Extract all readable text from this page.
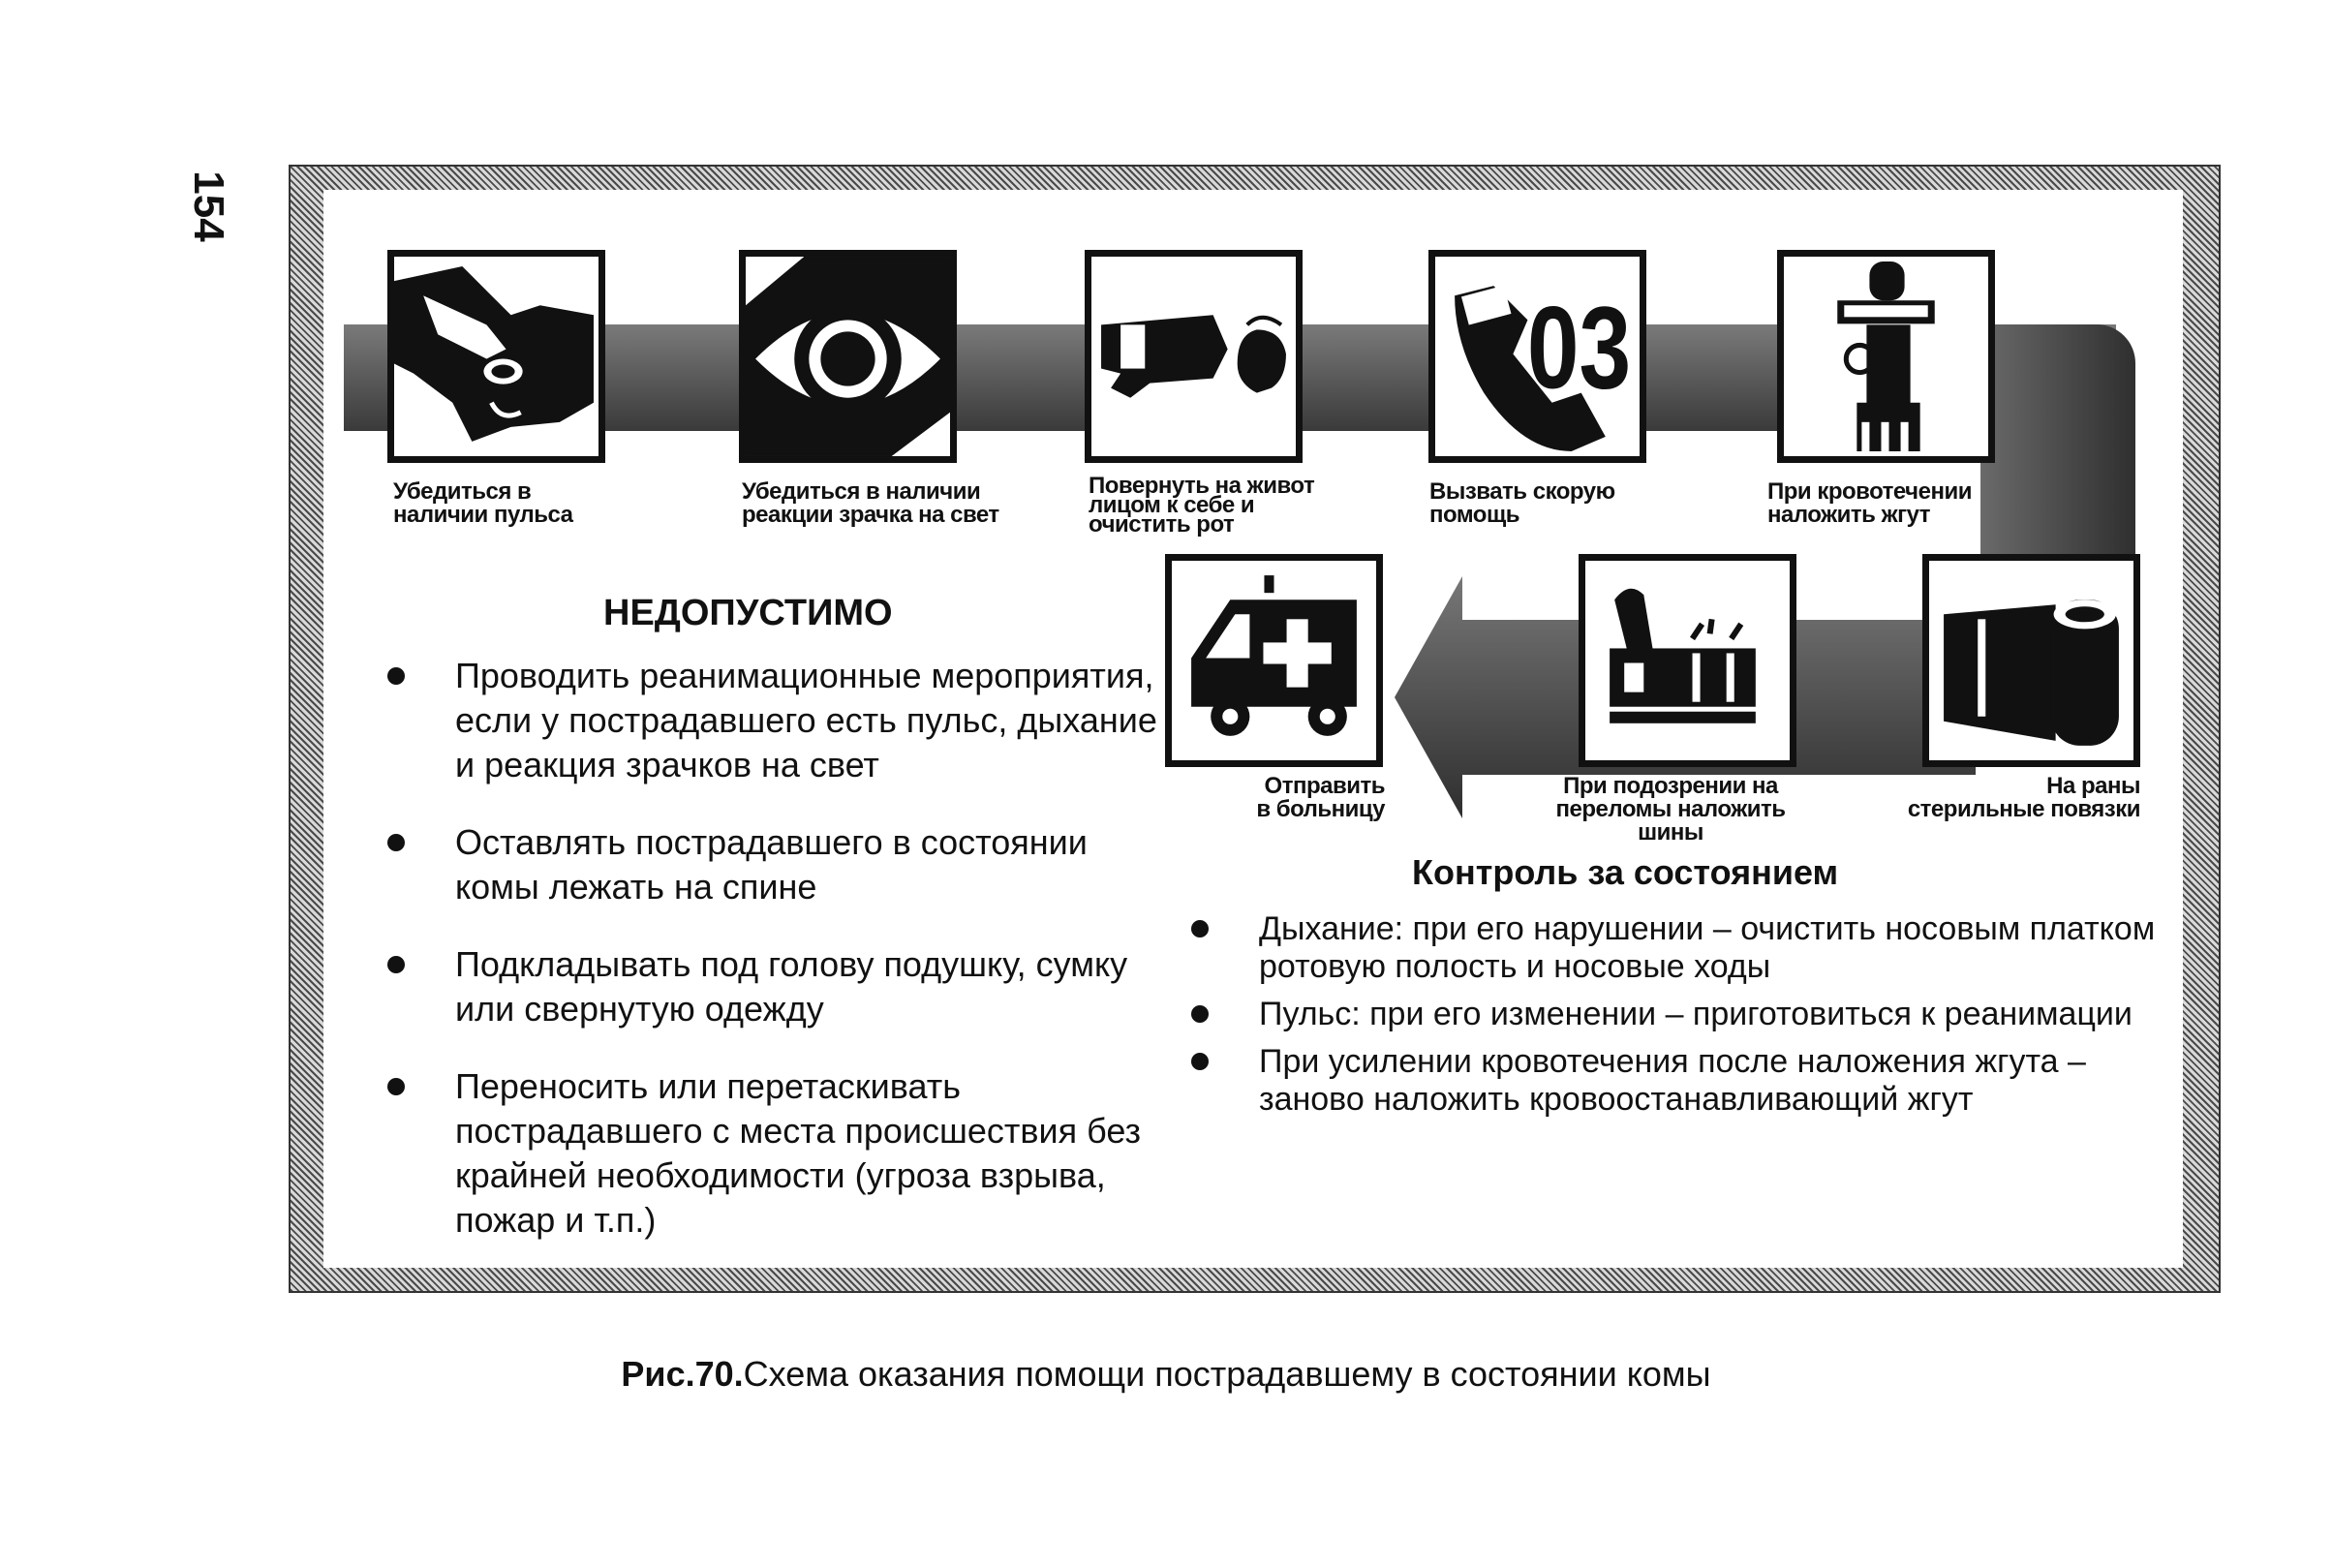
154
03
Убедиться в
наличии пульса
Убедиться в наличии
реакции зрачка на свет
Повернуть на живот
лицом к себе и
очистить рот
Вызвать скорую
помощь
При кровотечении
наложить жгут
Отправить
в больницу
При подозрении на
переломы наложить
шины
На раны
стерильные повязки
НЕДОПУСТИМО
Проводить реанимационные мероприятия, если у пострадавшего есть пульс, дыхание и реакция зрачков на свет
Оставлять пострадавшего в состоянии комы лежать на спине
Подкладывать под голову подушку, сумку или свернутую одежду
Переносить или перетаскивать пострадавшего с места происшествия без крайней необходимости (угроза взрыва, пожар и т.п.)
Контроль за состоянием
Дыхание: при его нарушении – очистить носовым платком ротовую полость и носовые ходы
Пульс: при его изменении – приготовиться к реанимации
При усилении кровотечения после наложения жгута – заново наложить кровоостанавливающий жгут
Рис.70.Схема оказания помощи пострадавшему в состоянии комы
